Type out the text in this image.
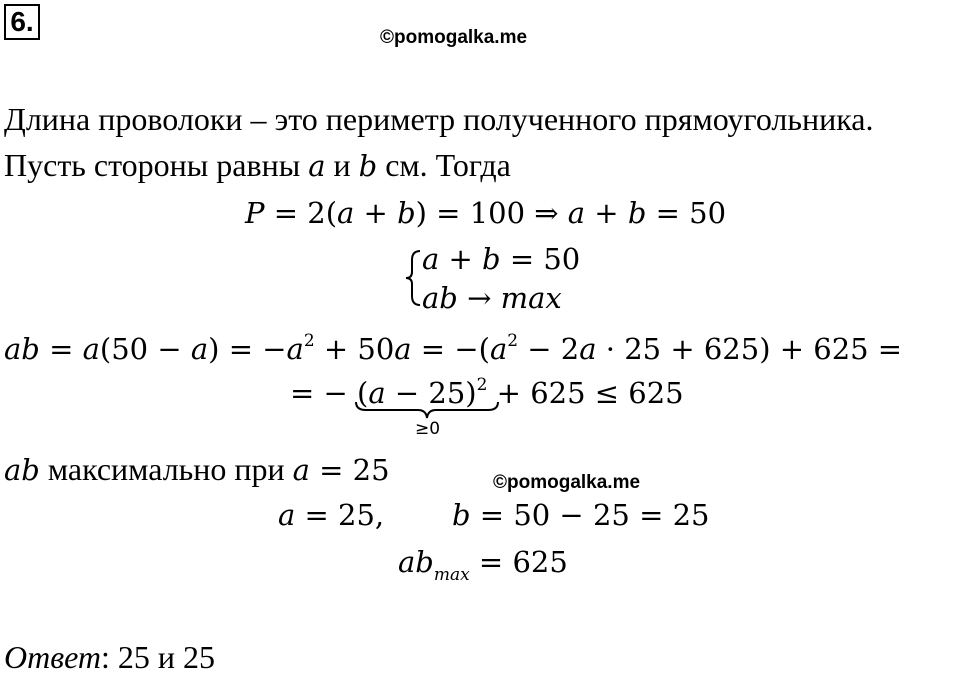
6.
©pomogalka.me
Длина проволоки – это периметр полученного прямоугольника.
Пусть стороны равны a и b см. Тогда
P = 2(a + b) = 100 ⇒ a + b = 50
a + b = 50
ab → max
ab = $a(50 - a) = -a^2 + 50a = -(a^2 - 2a \cdot 25 + 625) + 625$ =
= − $(a - 25)^2 + 625 \le 625$
≥0
ab максимально при a = 25	©pomogalka.me
a = 25, b = 50 − 25 = 25
$ab_{max} = 625$
Ответ: 25 и 25
